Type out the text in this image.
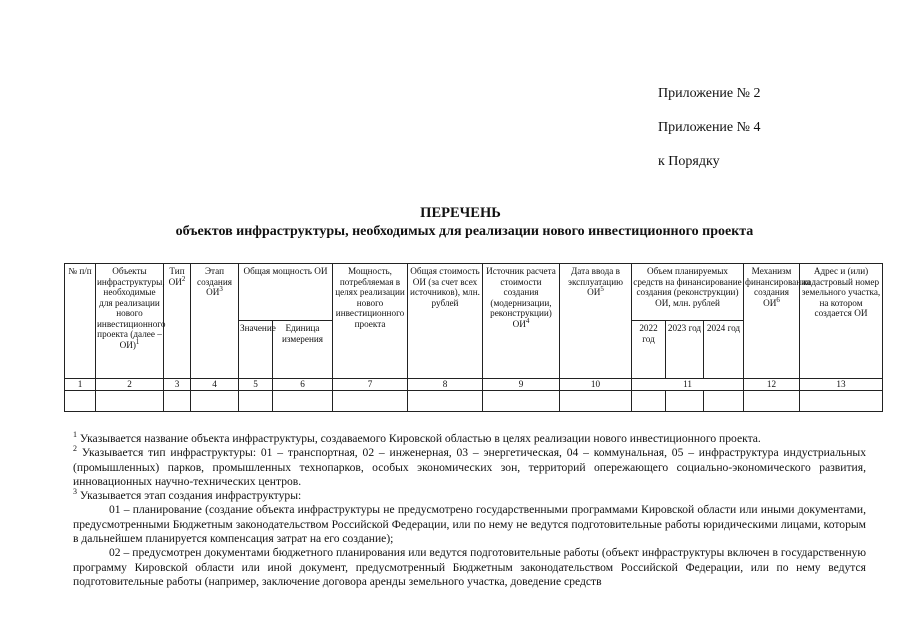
Приложение № 2
Приложение № 4
к Порядку
ПЕРЕЧЕНЬ
объектов инфраструктуры, необходимых для реализации нового инвестиционного проекта
№ п/п	Объекты инфраструктуры, необходимые для реализации нового инвестиционного проекта (далее – ОИ)$^1$	Тип $ОИ^2$	Этап создания $ОИ^3$	Общая мощность ОИ		Мощность, потребляемая в целях реализации нового инвестиционного проекта	Общая стоимость ОИ (за счет всех источников), млн. рублей	Источник расчета стоимости создания (модернизации, реконструкции) $ОИ^4$	Дата ввода в эксплуатацию $ОИ^5$	Объем планируемых средств на финансирование создания (реконструкции) ОИ, млн. рублей			Механизм финансирования создания $ОИ^6$	Адрес и (или) кадастровый номер земельного участка, на котором создается ОИ
				Значение	Единица измерения					2022 год	2023 год	2024 год		
1	2	3	4	5	6	7	8	9	10	11			12	13

$^1$ Указывается название объекта инфраструктуры, создаваемого Кировской областью в целях реализации нового инвестиционного проекта.

$^2$ Указывается тип инфраструктуры: 01 – транспортная, 02 – инженерная, 03 – энергетическая, 04 – коммунальная, 05 – инфраструктура индустриальных (промышленных) парков, промышленных технопарков, особых экономических зон, территорий опережающего социально-экономического развития, инновационных научно-технических центров.

$^3$ Указывается этап создания инфраструктуры:

01 – планирование (создание объекта инфраструктуры не предусмотрено государственными программами Кировской области или иными документами, предусмотренными Бюджетным законодательством Российской Федерации, или по нему не ведутся подготовительные работы юридическими лицами, которым в дальнейшем планируется компенсация затрат на его создание);

02 – предусмотрен документами бюджетного планирования или ведутся подготовительные работы (объект инфраструктуры включен в государственную программу Кировской области или иной документ, предусмотренный Бюджетным законодательством Российской Федерации, или по нему ведутся подготовительные работы (например, заключение договора аренды земельного участка, доведение средств
